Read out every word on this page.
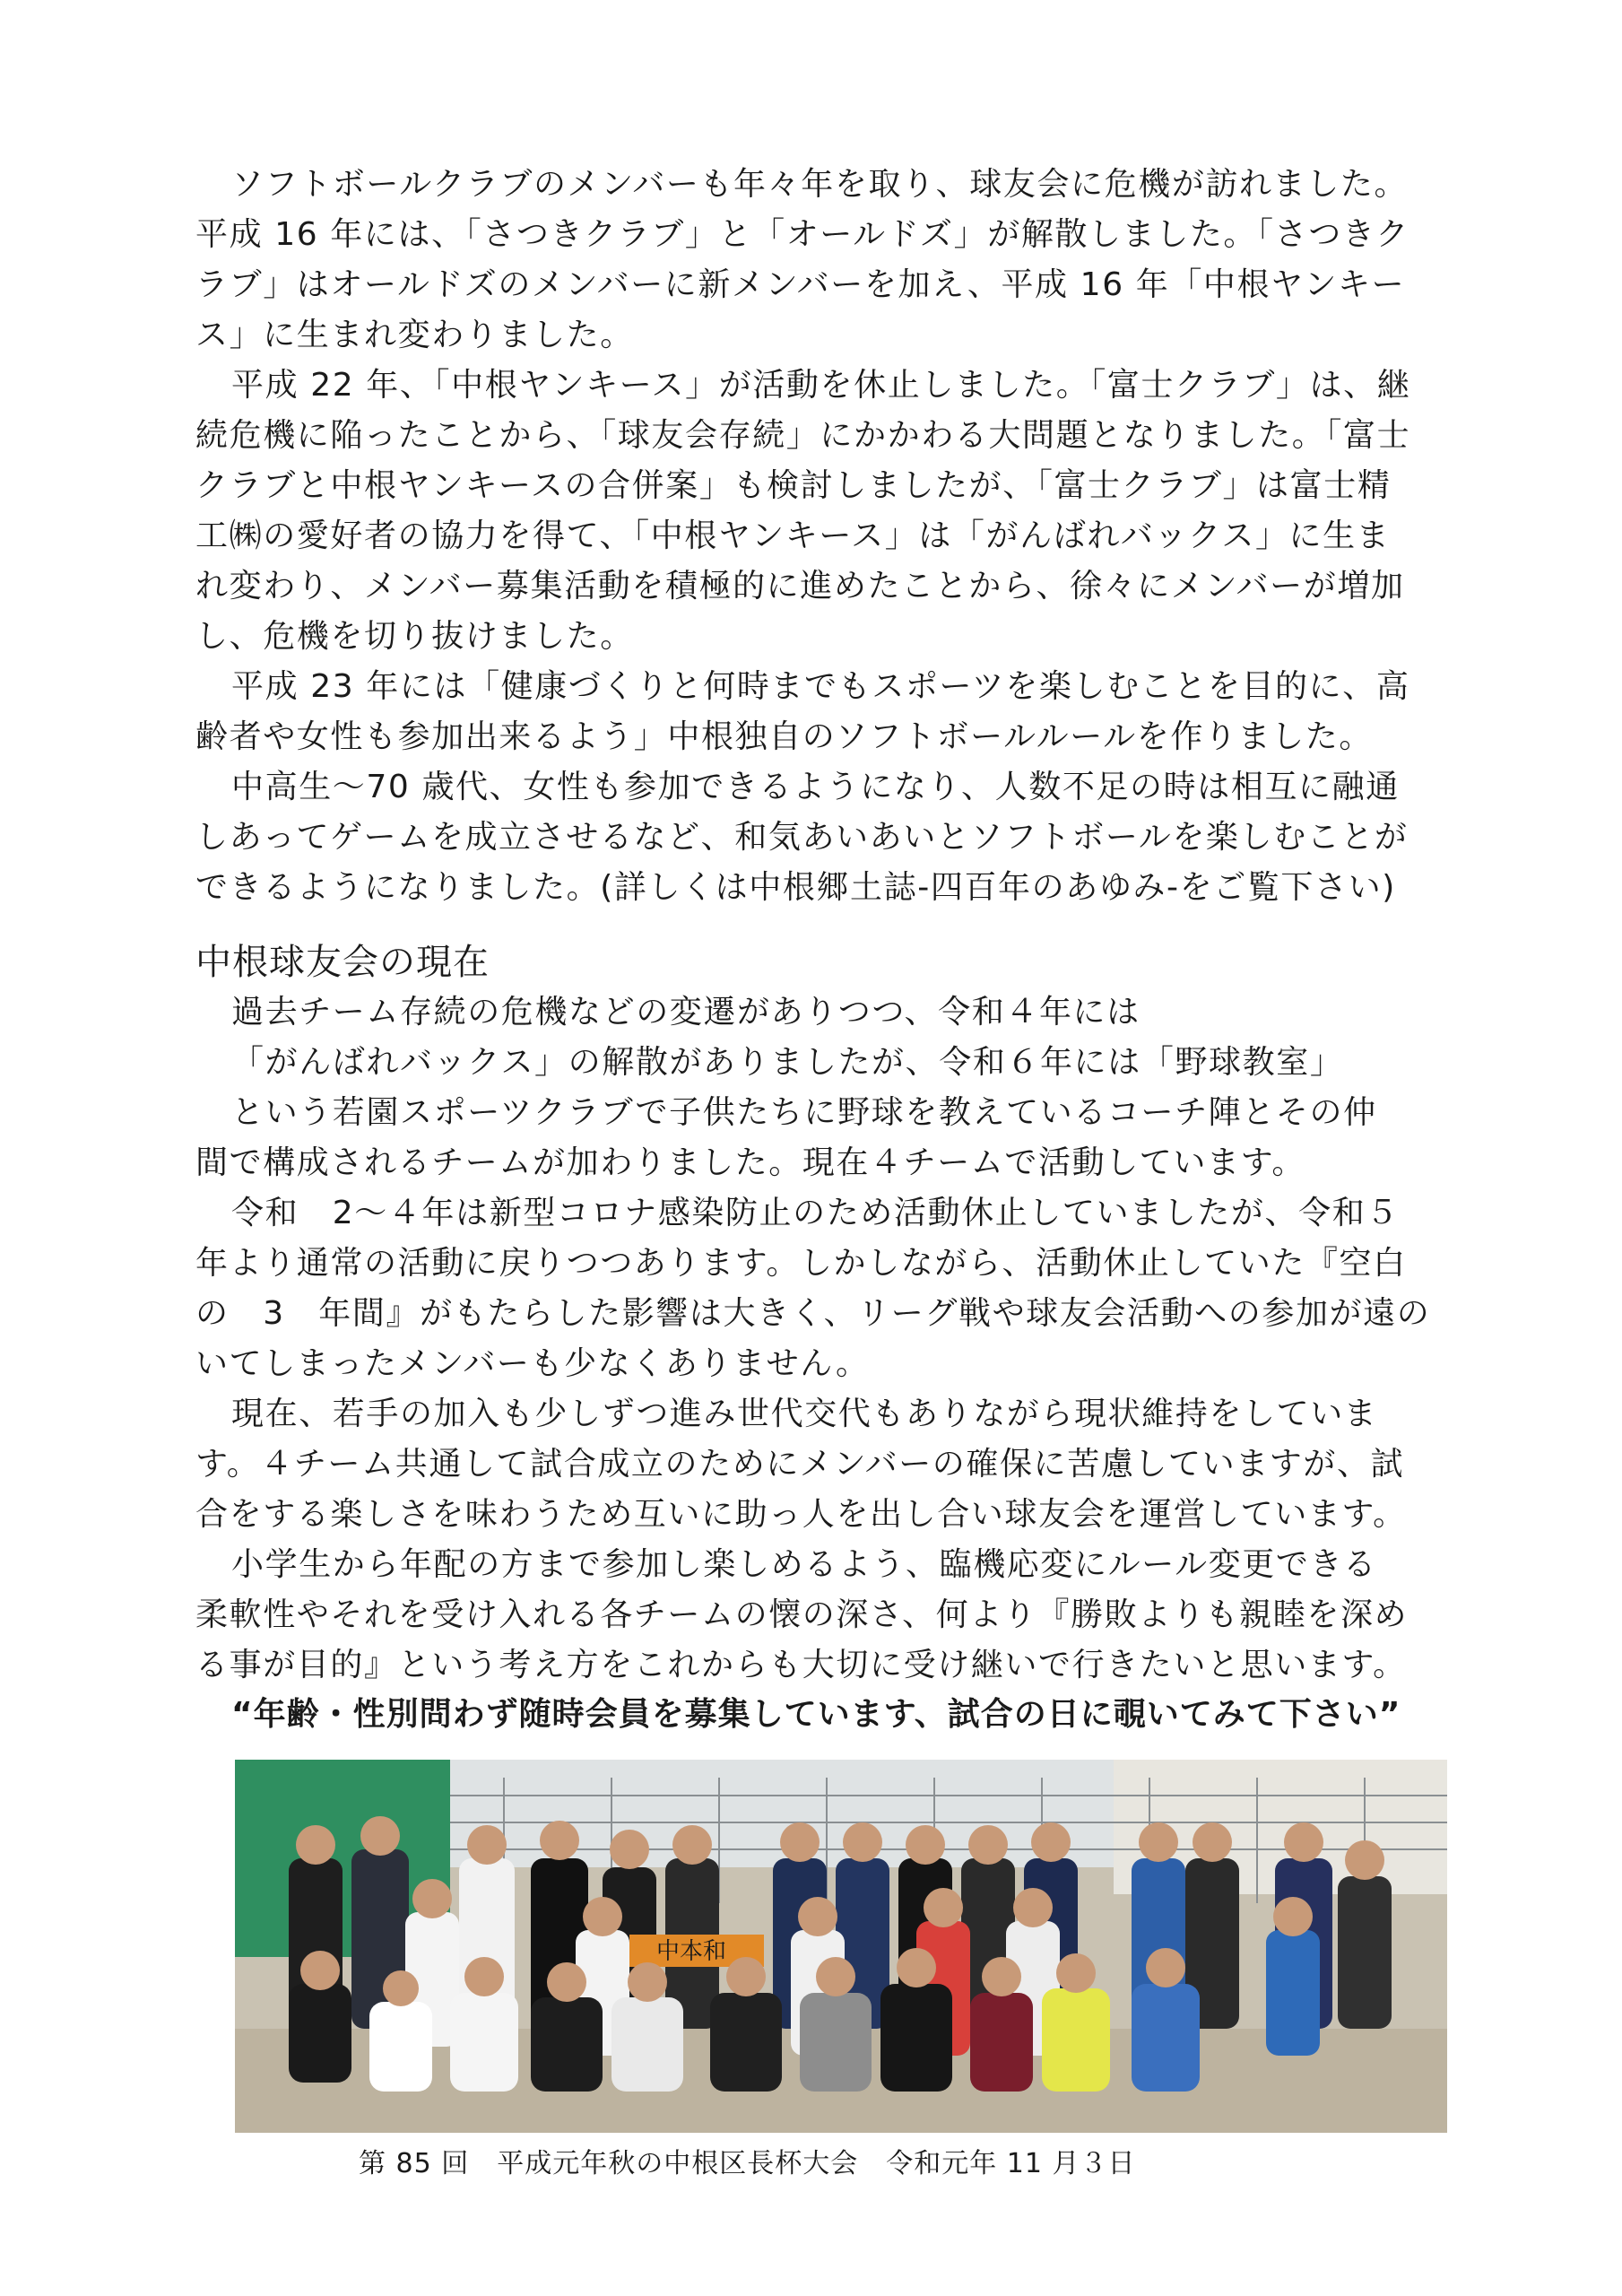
ソフトボールクラブのメンバーも年々年を取り、球友会に危機が訪れました。
平成 16 年には、「さつきクラブ」と「オールドズ」が解散しました。「さつきク
ラブ」はオールドズのメンバーに新メンバーを加え、平成 16 年「中根ヤンキー
ス」に生まれ変わりました。
平成 22 年、「中根ヤンキース」が活動を休止しました。「富士クラブ」は、継
続危機に陥ったことから、「球友会存続」にかかわる大問題となりました。「富士
クラブと中根ヤンキースの合併案」も検討しましたが、「富士クラブ」は富士精
工㈱の愛好者の協力を得て、「中根ヤンキース」は「がんばれバックス」に生ま
れ変わり、メンバー募集活動を積極的に進めたことから、徐々にメンバーが増加
し、危機を切り抜けました。
平成 23 年には「健康づくりと何時までもスポーツを楽しむことを目的に、高
齢者や女性も参加出来るよう」中根独自のソフトボールルールを作りました。
中高生～70 歳代、女性も参加できるようになり、人数不足の時は相互に融通
しあってゲームを成立させるなど、和気あいあいとソフトボールを楽しむことが
できるようになりました。(詳しくは中根郷土誌-四百年のあゆみ-をご覧下さい)
中根球友会の現在
過去チーム存続の危機などの変遷がありつつ、令和４年には
「がんばれバックス」の解散がありましたが、令和６年には「野球教室」
という若園スポーツクラブで子供たちに野球を教えているコーチ陣とその仲
間で構成されるチームが加わりました。現在４チームで活動しています。
令和　2～４年は新型コロナ感染防止のため活動休止していましたが、令和５
年より通常の活動に戻りつつあります。しかしながら、活動休止していた『空白
の　3　年間』がもたらした影響は大きく、リーグ戦や球友会活動への参加が遠の
いてしまったメンバーも少なくありません。
現在、若手の加入も少しずつ進み世代交代もありながら現状維持をしていま
す。４チーム共通して試合成立のためにメンバーの確保に苦慮していますが、試
合をする楽しさを味わうため互いに助っ人を出し合い球友会を運営しています。
小学生から年配の方まで参加し楽しめるよう、臨機応変にルール変更できる
柔軟性やそれを受け入れる各チームの懐の深さ、何より『勝敗よりも親睦を深め
る事が目的』という考え方をこれからも大切に受け継いで行きたいと思います。
“年齢・性別問わず随時会員を募集しています、試合の日に覗いてみて下さい”
中本和
第 85 回　平成元年秋の中根区長杯大会　令和元年 11 月３日
